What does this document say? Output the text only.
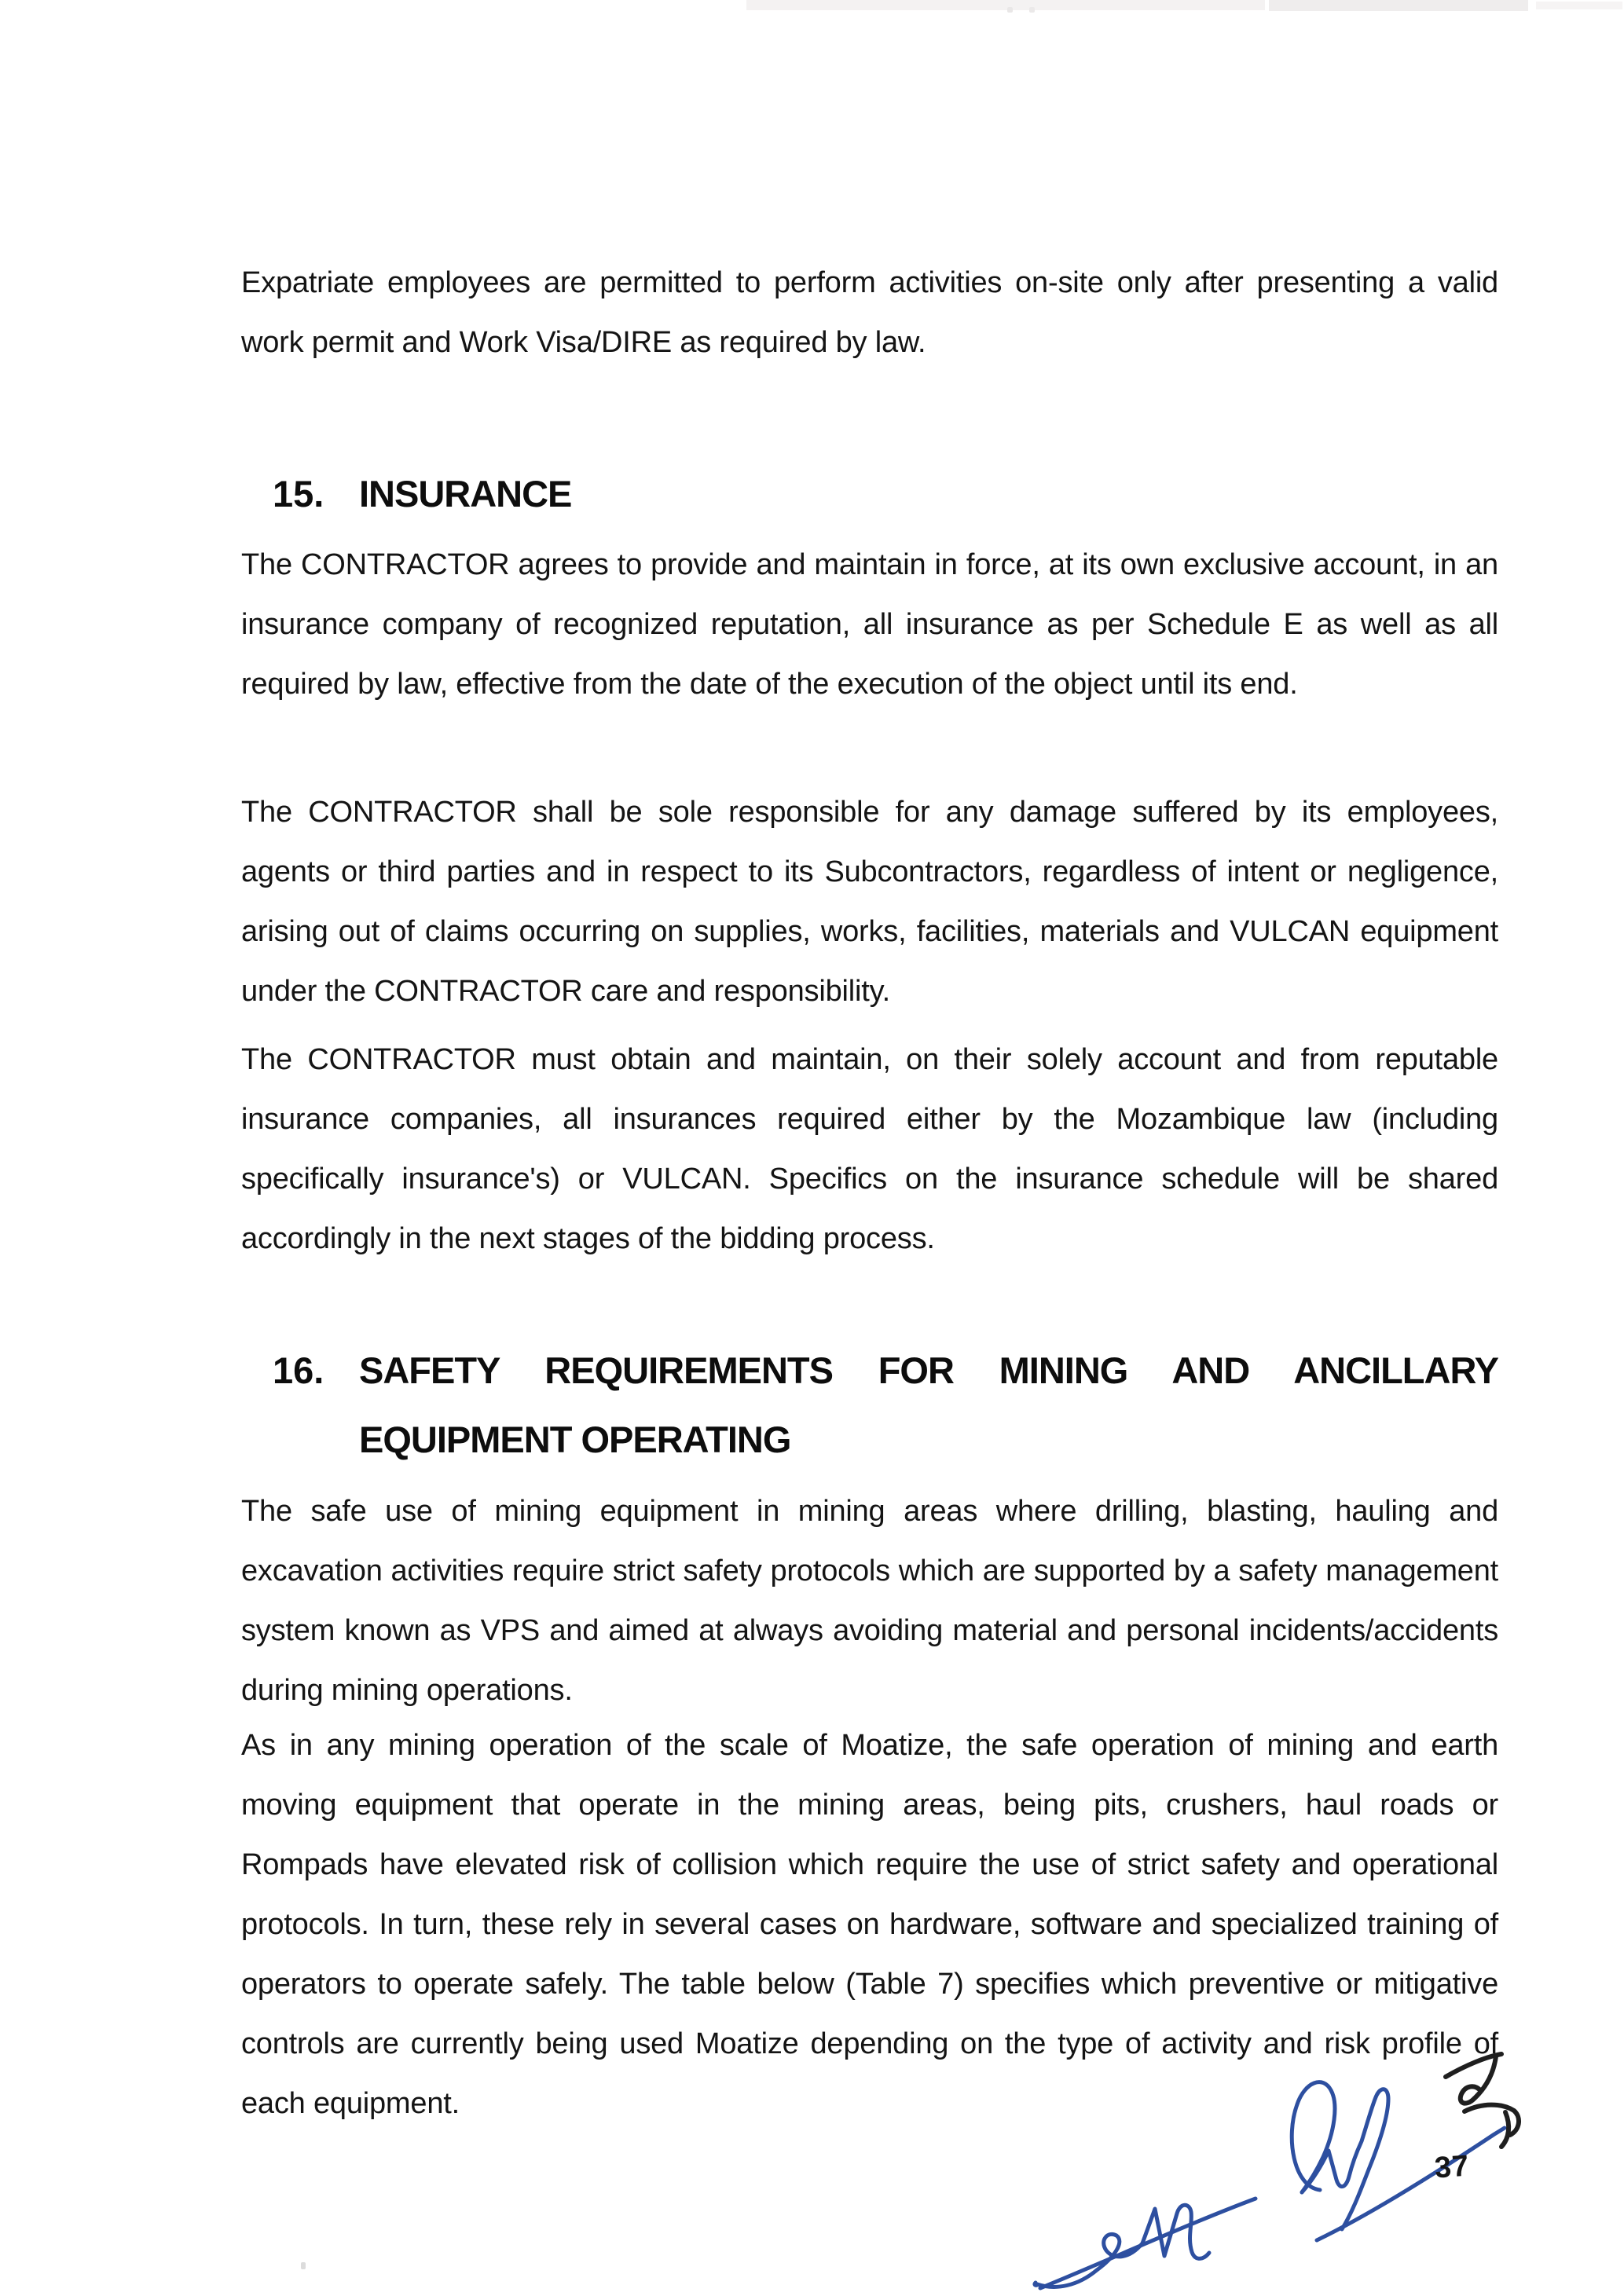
Expatriate employees are permitted to perform activities on-site only after presenting a valid work permit and Work Visa/DIRE as required by law.

15. INSURANCE

The CONTRACTOR agrees to provide and maintain in force, at its own exclusive account, in an insurance company of recognized reputation, all insurance as per Schedule E as well as all required by law, effective from the date of the execution of the object until its end.

The CONTRACTOR shall be sole responsible for any damage suffered by its employees, agents or third parties and in respect to its Subcontractors, regardless of intent or negligence, arising out of claims occurring on supplies, works, facilities, materials and VULCAN equipment under the CONTRACTOR care and responsibility.

The CONTRACTOR must obtain and maintain, on their solely account and from reputable insurance companies, all insurances required either by the Mozambique law (including specifically insurance's) or VULCAN. Specifics on the insurance schedule will be shared accordingly in the next stages of the bidding process.

16. SAFETY REQUIREMENTS FOR MINING AND ANCILLARY EQUIPMENT OPERATING

The safe use of mining equipment in mining areas where drilling, blasting, hauling and excavation activities require strict safety protocols which are supported by a safety management system known as VPS and aimed at always avoiding material and personal incidents/accidents during mining operations.

As in any mining operation of the scale of Moatize, the safe operation of mining and earth moving equipment that operate in the mining areas, being pits, crushers, haul roads or Rompads have elevated risk of collision which require the use of strict safety and operational protocols. In turn, these rely in several cases on hardware, software and specialized training of operators to operate safely. The table below (Table 7) specifies which preventive or mitigative controls are currently being used Moatize depending on the type of activity and risk profile of each equipment.

37
